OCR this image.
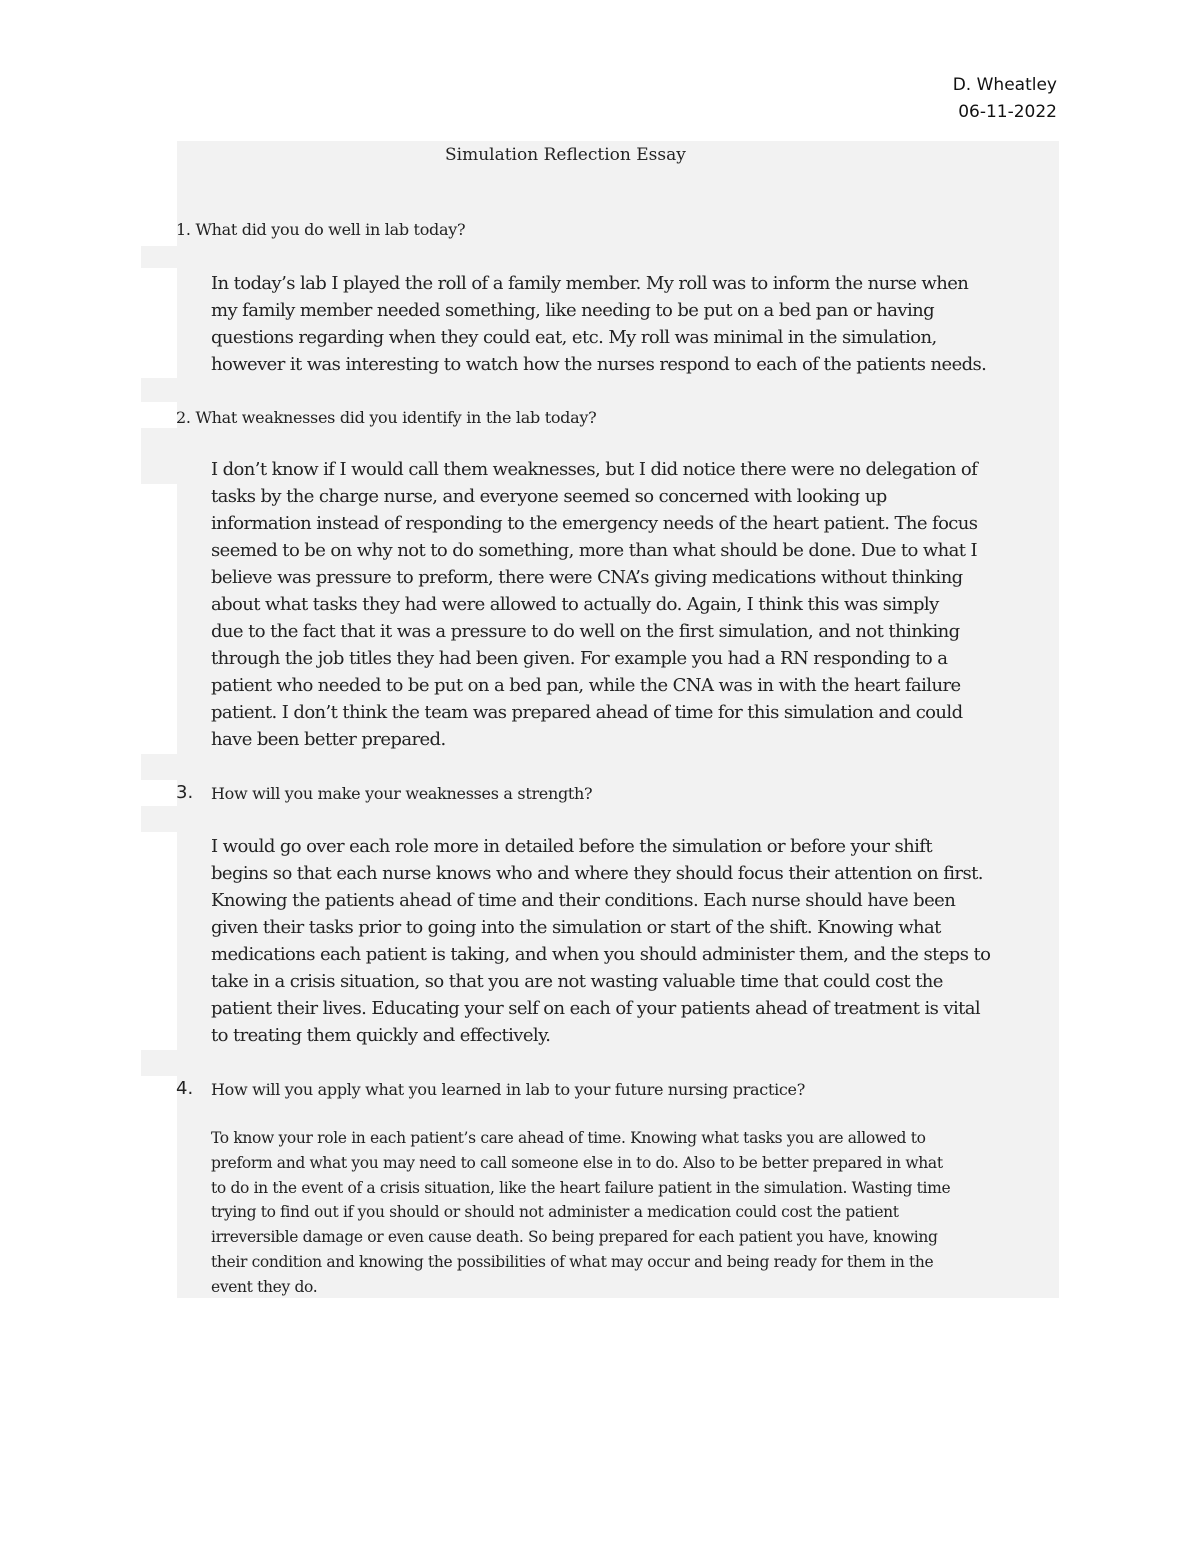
D. Wheatley
06-11-2022
Simulation Reflection Essay
1. What did you do well in lab today?
In today’s lab I played the roll of a family member. My roll was to inform the nurse when
my family member needed something, like needing to be put on a bed pan or having
questions regarding when they could eat, etc. My roll was minimal in the simulation,
however it was interesting to watch how the nurses respond to each of the patients needs.
2. What weaknesses did you identify in the lab today?
I don’t know if I would call them weaknesses, but I did notice there were no delegation of
tasks by the charge nurse, and everyone seemed so concerned with looking up
information instead of responding to the emergency needs of the heart patient. The focus
seemed to be on why not to do something, more than what should be done. Due to what I
believe was pressure to preform, there were CNA’s giving medications without thinking
about what tasks they had were allowed to actually do. Again, I think this was simply
due to the fact that it was a pressure to do well on the first simulation, and not thinking
through the job titles they had been given. For example you had a RN responding to a
patient who needed to be put on a bed pan, while the CNA was in with the heart failure
patient. I don’t think the team was prepared ahead of time for this simulation and could
have been better prepared.
3. How will you make your weaknesses a strength?
I would go over each role more in detailed before the simulation or before your shift
begins so that each nurse knows who and where they should focus their attention on first.
Knowing the patients ahead of time and their conditions. Each nurse should have been
given their tasks prior to going into the simulation or start of the shift. Knowing what
medications each patient is taking, and when you should administer them, and the steps to
take in a crisis situation, so that you are not wasting valuable time that could cost the
patient their lives. Educating your self on each of your patients ahead of treatment is vital
to treating them quickly and effectively.
4. How will you apply what you learned in lab to your future nursing practice?
To know your role in each patient’s care ahead of time. Knowing what tasks you are allowed to
preform and what you may need to call someone else in to do. Also to be better prepared in what
to do in the event of a crisis situation, like the heart failure patient in the simulation. Wasting time
trying to find out if you should or should not administer a medication could cost the patient
irreversible damage or even cause death. So being prepared for each patient you have, knowing
their condition and knowing the possibilities of what may occur and being ready for them in the
event they do.
